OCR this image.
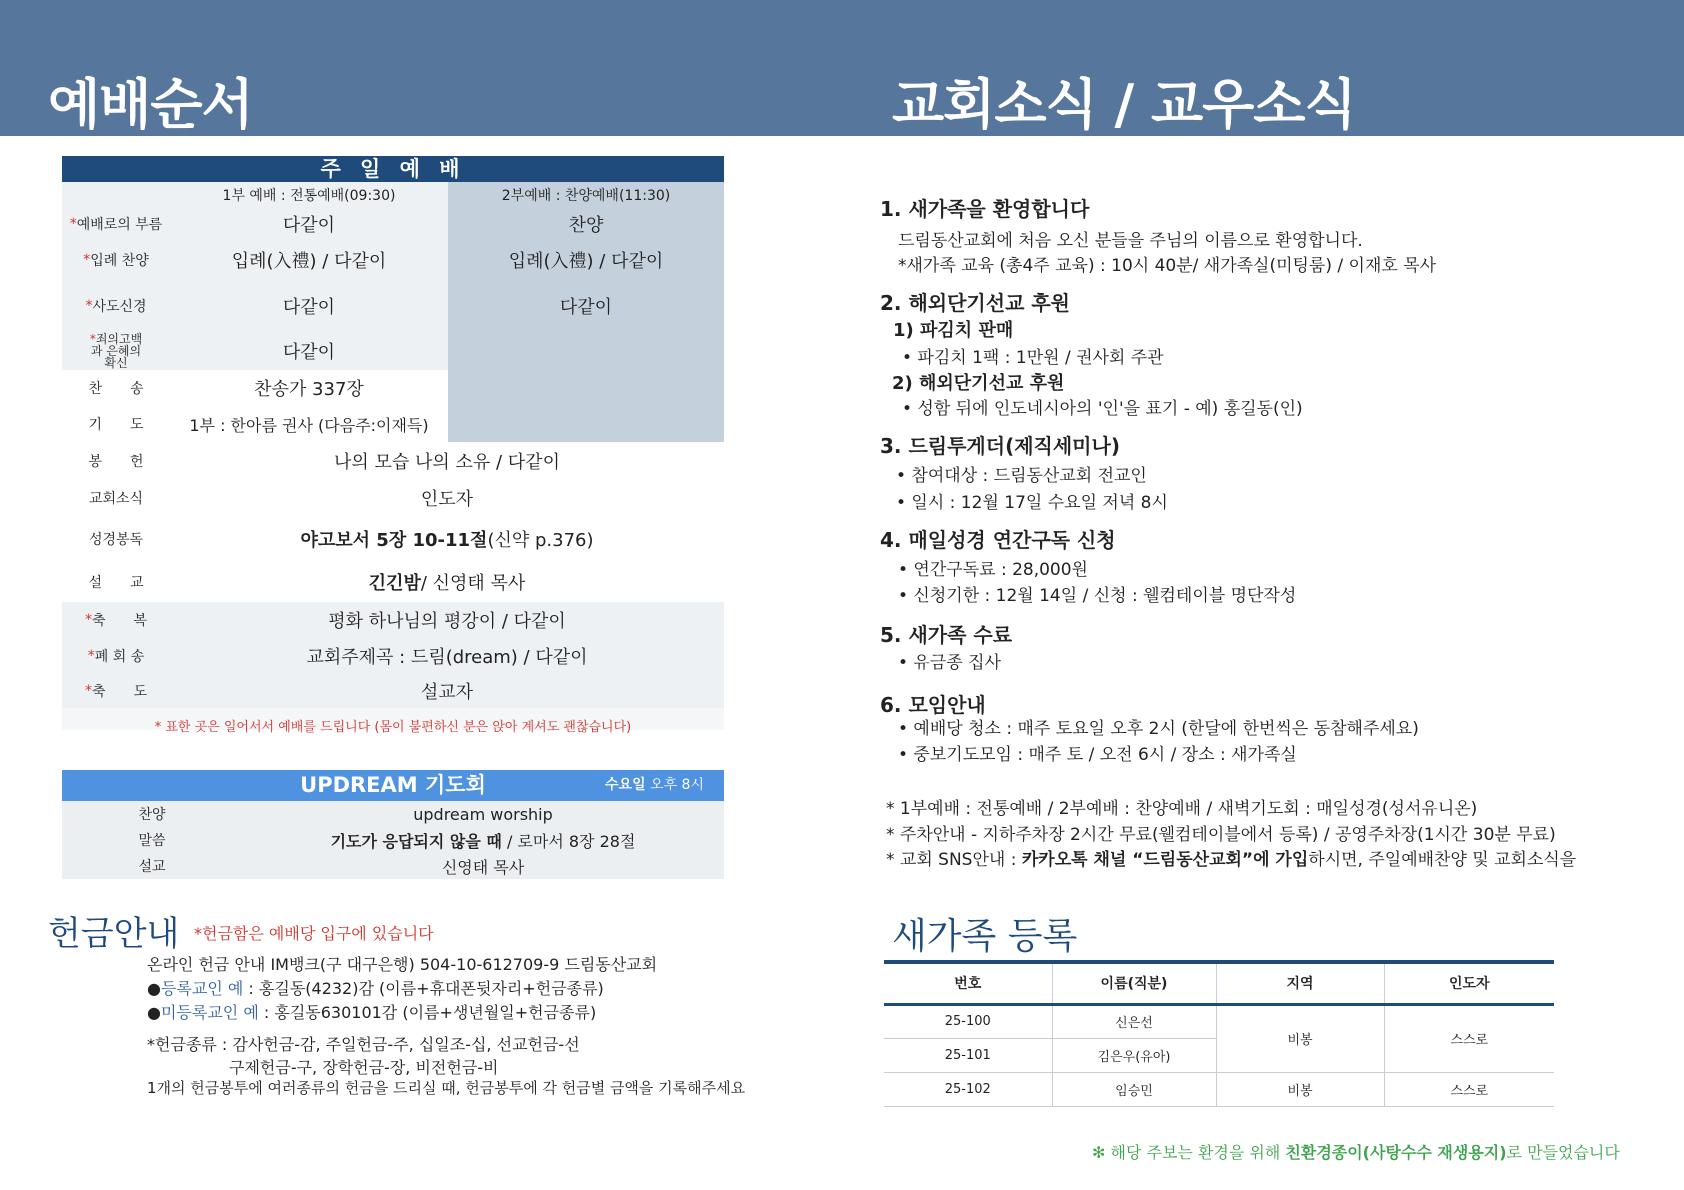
예배순서	교회소식 / 교우소식
주 일 예 배
1부 예배 : 전통예배(09:30)	2부예배 : 찬양예배(11:30)
* 예배로의 부름	다같이	찬양
* 입례 찬양	입례(入禮) / 다같이	입례(入禮) / 다같이
* 사도신경	다같이	다같이
*죄의고백과 은혜의확신	다같이
찬　　송	찬송가 337장
기　　도	1부 : 한아름 권사 (다음주:이재득)
봉　　헌	나의 모습 나의 소유 / 다같이
교회소식	인도자
성경봉독	야고보서 5장 10-11절 (신약 p.376)
설　　교	긴긴밤 / 신영태 목사
* 축　　복	평화 하나님의 평강이 / 다같이
* 폐 회 송	교회주제곡 : 드림(dream) / 다같이
* 축　　도	설교자
* 표한 곳은 일어서서 예배를 드립니다 (몸이 불편하신 분은 앉아 계셔도 괜찮습니다)
UPDREAM 기도회	수요일 오후 8시
찬양	updream worship
말씀	기도가 응답되지 않을 때 / 로마서 8장 28절
설교	신영태 목사
헌금안내 *헌금함은 예배당 입구에 있습니다
온라인 헌금 안내 IM뱅크(구 대구은행) 504-10-612709-9 드림동산교회
●등록교인 예 : 홍길동(4232)감 (이름+휴대폰뒷자리+헌금종류)
●미등록교인 예 : 홍길동630101감 (이름+생년월일+헌금종류)
*헌금종류 : 감사헌금-감, 주일헌금-주, 십일조-십, 선교헌금-선
구제헌금-구, 장학헌금-장, 비전헌금-비
1개의 헌금봉투에 여러종류의 헌금을 드리실 때, 헌금봉투에 각 헌금별 금액을 기록해주세요
1. 새가족을 환영합니다
드림동산교회에 처음 오신 분들을 주님의 이름으로 환영합니다.
*새가족 교육 (총4주 교육) : 10시 40분/ 새가족실(미팅룸) / 이재호 목사
2. 해외단기선교 후원
1) 파김치 판매
• 파김치 1팩 : 1만원 / 권사회 주관
2) 해외단기선교 후원
• 성함 뒤에 인도네시아의 '인'을 표기 - 예) 홍길동(인)
3. 드림투게더(제직세미나)
• 참여대상 : 드림동산교회 전교인
• 일시 : 12월 17일 수요일 저녁 8시
4. 매일성경 연간구독 신청
• 연간구독료 : 28,000원
• 신청기한 : 12월 14일 / 신청 : 웰컴테이블 명단작성
5. 새가족 수료
• 유금종 집사
6. 모임안내
• 예배당 청소 : 매주 토요일 오후 2시 (한달에 한번씩은 동참해주세요)
• 중보기도모임 : 매주 토 / 오전 6시 / 장소 : 새가족실
* 1부예배 : 전통예배 / 2부예배 : 찬양예배 / 새벽기도회 : 매일성경(성서유니온)
* 주차안내 - 지하주차장 2시간 무료(웰컴테이블에서 등록) / 공영주차장(1시간 30분 무료)
* 교회 SNS안내 : 카카오톡 채널 “드림동산교회”에 가입하시면, 주일예배찬양 및 교회소식을
새가족 등록
번호	이름(직분)	지역	인도자
25-100	신은선	비봉	스스로
25-101	김은우(유아)		
25-102	임승민	비봉	스스로
✻ 해당 주보는 환경을 위해 친환경종이(사탕수수 재생용지)로 만들었습니다
